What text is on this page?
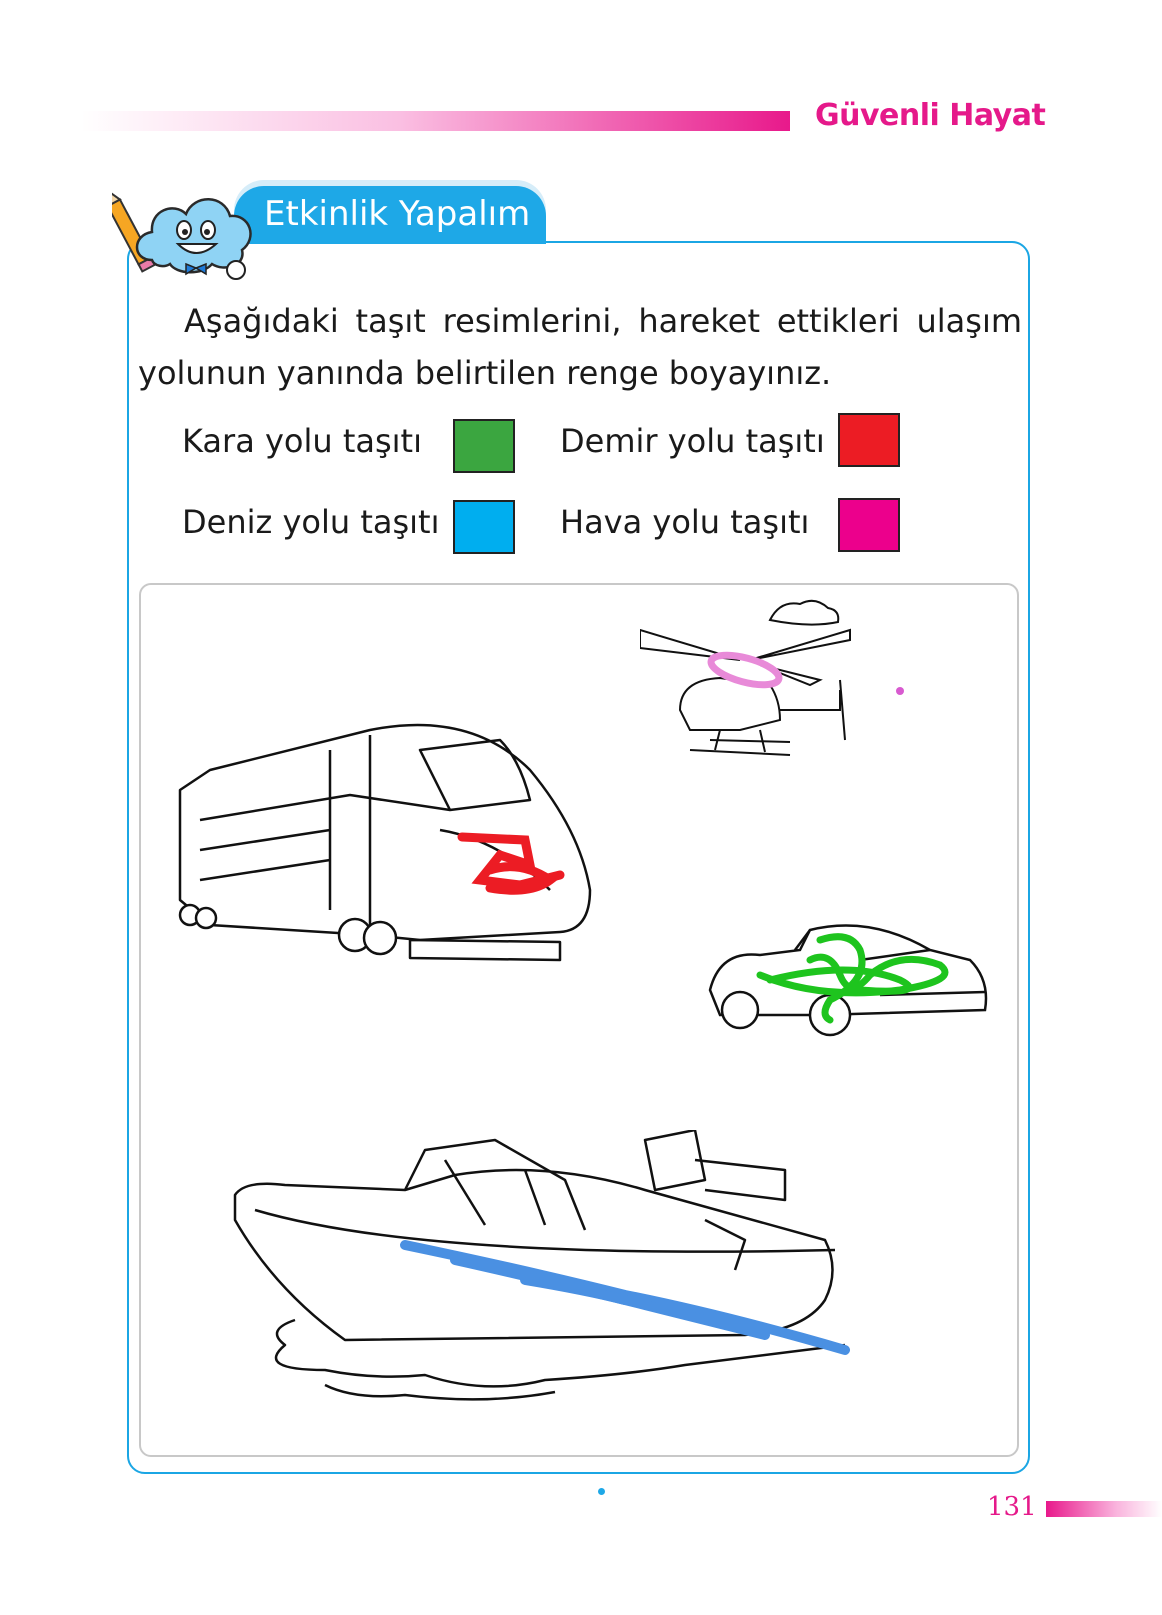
Güvenli Hayat
Etkinlik Yapalım
Aşağıdaki taşıt resimlerini, hareket ettikleri ulaşım yolunun yanında belirtilen renge boyayınız.
Kara yolu taşıtı	Demir yolu taşıtı
Deniz yolu taşıtı	Hava yolu taşıtı
131
